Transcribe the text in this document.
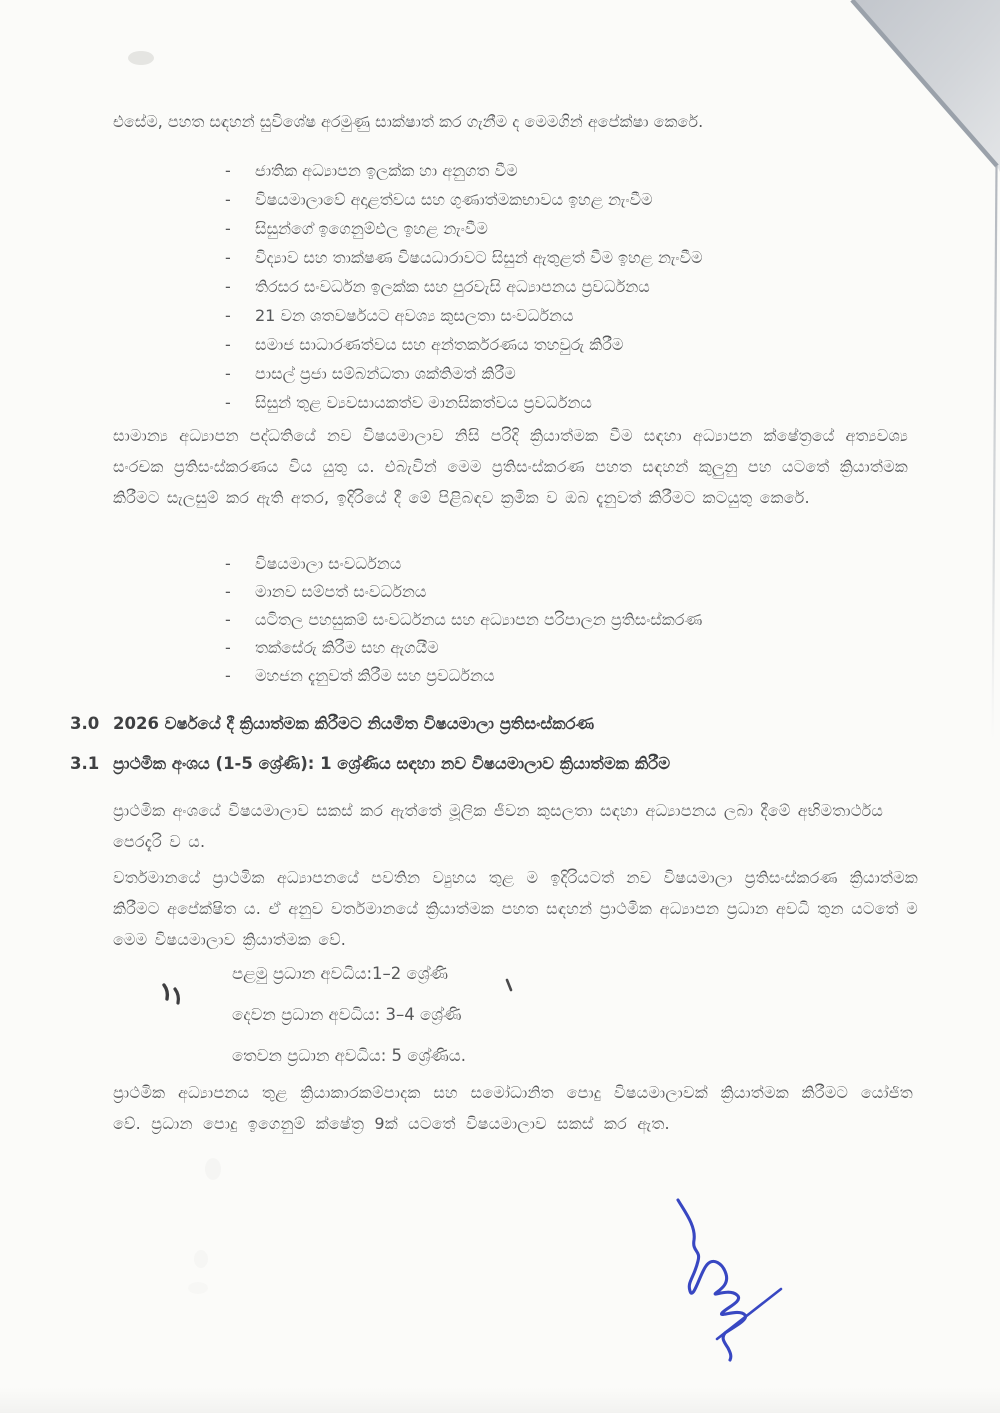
එසේම, පහත සඳහන් සුවිශේෂ අරමුණු සාක්ෂාත් කර ගැනීම ද මෙමගින් අපේක්ෂා කෙරේ.

-	ජාතික අධ්‍යාපන ඉලක්ක හා අනුගත වීම
-	විෂයමාලාවේ අදාළත්වය සහ ගුණාත්මකභාවය ඉහළ නැංවීම
-	සිසුන්ගේ ඉගෙනුම්ඵල ඉහළ නැංවීම
-	විද්‍යාව සහ තාක්ෂණ විෂයධාරාවට සිසුන් ඇතුළත් වීම ඉහළ නැංවීම
-	තිරසර සංවර්ධන ඉලක්ක සහ පුරවැසි අධ්‍යාපනය ප්‍රවර්ධනය
-	21 වන ශතවර්ෂයට අවශ්‍ය කුසලතා සංවර්ධනය
-	සමාජ සාධාරණත්වය සහ අන්තර්කරණය තහවුරු කිරීම
-	පාසල් ප්‍රජා සම්බන්ධතා ශක්තිමත් කිරීම
-	සිසුන් තුළ ව්‍යවසායකත්ව මානසිකත්වය ප්‍රවර්ධනය

සාමාන්‍ය අධ්‍යාපන පද්ධතියේ නව විෂයමාලාව නිසි පරිදි ක්‍රියාත්මක වීම සඳහා අධ්‍යාපන ක්ෂේත්‍රයේ අත්‍යවශ්‍ය සංරචක ප්‍රතිසංස්කරණය විය යුතු ය. එබැවින් මෙම ප්‍රතිසංස්කරණ පහත සඳහන් කුලුනු පහ යටතේ ක්‍රියාත්මක කිරීමට සැලසුම් කර ඇති අතර, ඉදිරියේ දී මේ පිළිබඳව ක්‍රමික ව ඔබ දැනුවත් කිරීමට කටයුතු කෙරේ.

-	විෂයමාලා සංවර්ධනය
-	මානව සම්පත් සංවර්ධනය
-	යටිතල පහසුකම් සංවර්ධනය සහ අධ්‍යාපන පරිපාලන ප්‍රතිසංස්කරණ
-	තක්සේරු කිරීම සහ ඇගයීම
-	මහජන දැනුවත් කිරීම සහ ප්‍රවර්ධනය
3.0 2026 වර්ෂයේ දී ක්‍රියාත්මක කිරීමට නියමිත විෂයමාලා ප්‍රතිසංස්කරණ
3.1 ප්‍රාථමික අංශය (1-5 ශ්‍රේණි): 1 ශ්‍රේණිය සඳහා නව විෂයමාලාව ක්‍රියාත්මක කිරීම

ප්‍රාථමික අංශයේ විෂයමාලාව සකස් කර ඇත්තේ මූලික ජීවන කුසලතා සඳහා අධ්‍යාපනය ලබා දීමේ අභිමතාර්ථය පෙරදැරි ව ය.

වර්තමානයේ ප්‍රාථමික අධ්‍යාපනයේ පවතින ව්‍යුහය තුළ ම ඉදිරියටත් නව විෂයමාලා ප්‍රතිසංස්කරණ ක්‍රියාත්මක කිරීමට අපේක්ෂිත ය. ඒ අනුව වර්තමානයේ ක්‍රියාත්මක පහත සඳහන් ප්‍රාථමික අධ්‍යාපන ප්‍රධාන අවධි තුන යටතේ ම මෙම විෂයමාලාව ක්‍රියාත්මක වේ.

පළමු ප්‍රධාන අවධිය:1–2 ශ්‍රේණි

දෙවන ප්‍රධාන අවධිය: 3–4 ශ්‍රේණි

තෙවන ප්‍රධාන අවධිය: 5 ශ්‍රේණිය.

ප්‍රාථමික අධ්‍යාපනය තුළ ක්‍රියාකාරකම්පාදක සහ සමෝධානිත පොදු විෂයමාලාවක් ක්‍රියාත්මක කිරීමට යෝජිත වේ. ප්‍රධාන පොදු ඉගෙනුම් ක්ෂේත්‍ර 9ක් යටතේ විෂයමාලාව සකස් කර ඇත.
